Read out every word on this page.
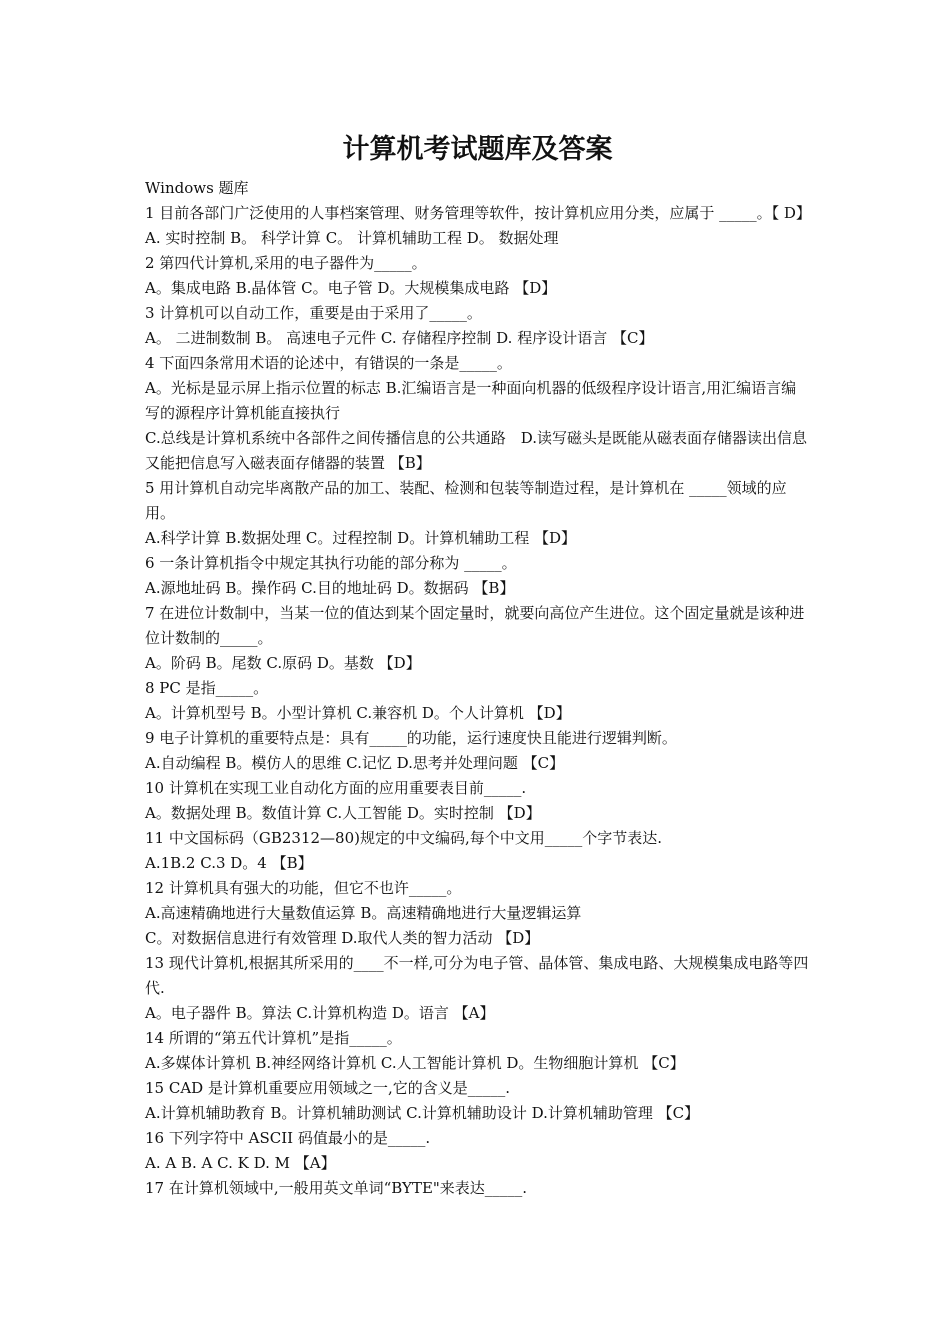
计算机考试题库及答案

Windows 题库

1 目前各部门广泛使用的人事档案管理、财务管理等软件，按计算机应用分类，应属于 _____。【 D】

A. 实时控制 B。 科学计算 C。 计算机辅助工程 D。 数据处理

2 第四代计算机,采用的电子器件为_____。

A。集成电路 B.晶体管 C。电子管 D。大规模集成电路 【D】

3 计算机可以自动工作，重要是由于采用了_____。

A。 二进制数制 B。 高速电子元件 C. 存储程序控制 D. 程序设计语言 【C】

4 下面四条常用术语的论述中，有错误的一条是_____。

A。光标是显示屏上指示位置的标志 B.汇编语言是一种面向机器的低级程序设计语言,用汇编语言编写的源程序计算机能直接执行

C.总线是计算机系统中各部件之间传播信息的公共通路　D.读写磁头是既能从磁表面存储器读出信息又能把信息写入磁表面存储器的装置 【B】

5 用计算机自动完毕离散产品的加工、装配、检测和包装等制造过程，是计算机在 _____领域的应用。

A.科学计算 B.数据处理 C。过程控制 D。计算机辅助工程 【D】

6 一条计算机指令中规定其执行功能的部分称为 _____。

A.源地址码 B。操作码 C.目的地址码 D。数据码 【B】

7 在进位计数制中，当某一位的值达到某个固定量时，就要向高位产生进位。这个固定量就是该种进位计数制的_____。

A。阶码 B。尾数 C.原码 D。基数 【D】

8 PC 是指_____。

A。计算机型号 B。小型计算机 C.兼容机 D。个人计算机 【D】

9 电子计算机的重要特点是：具有_____的功能，运行速度快且能进行逻辑判断。

A.自动编程 B。模仿人的思维 C.记忆 D.思考并处理问题 【C】

10 计算机在实现工业自动化方面的应用重要表目前_____.

A。数据处理 B。数值计算 C.人工智能 D。实时控制 【D】

11 中文国标码（GB2312—80)规定的中文编码,每个中文用_____个字节表达.

A.1B.2 C.3 D。4 【B】

12 计算机具有强大的功能，但它不也许_____。

A.高速精确地进行大量数值运算 B。高速精确地进行大量逻辑运算

C。对数据信息进行有效管理 D.取代人类的智力活动 【D】

13 现代计算机,根据其所采用的____不一样,可分为电子管、晶体管、集成电路、大规模集成电路等四代.

A。电子器件 B。算法 C.计算机构造 D。语言 【A】

14 所谓的“第五代计算机”是指_____。

A.多媒体计算机 B.神经网络计算机 C.人工智能计算机 D。生物细胞计算机 【C】

15 CAD 是计算机重要应用领域之一,它的含义是_____.

A.计算机辅助教育 B。计算机辅助测试 C.计算机辅助设计 D.计算机辅助管理 【C】

16 下列字符中 ASCII 码值最小的是_____.

A. A B. A C. K D. M 【A】

17 在计算机领域中,一般用英文单词“BYTE"来表达_____.
